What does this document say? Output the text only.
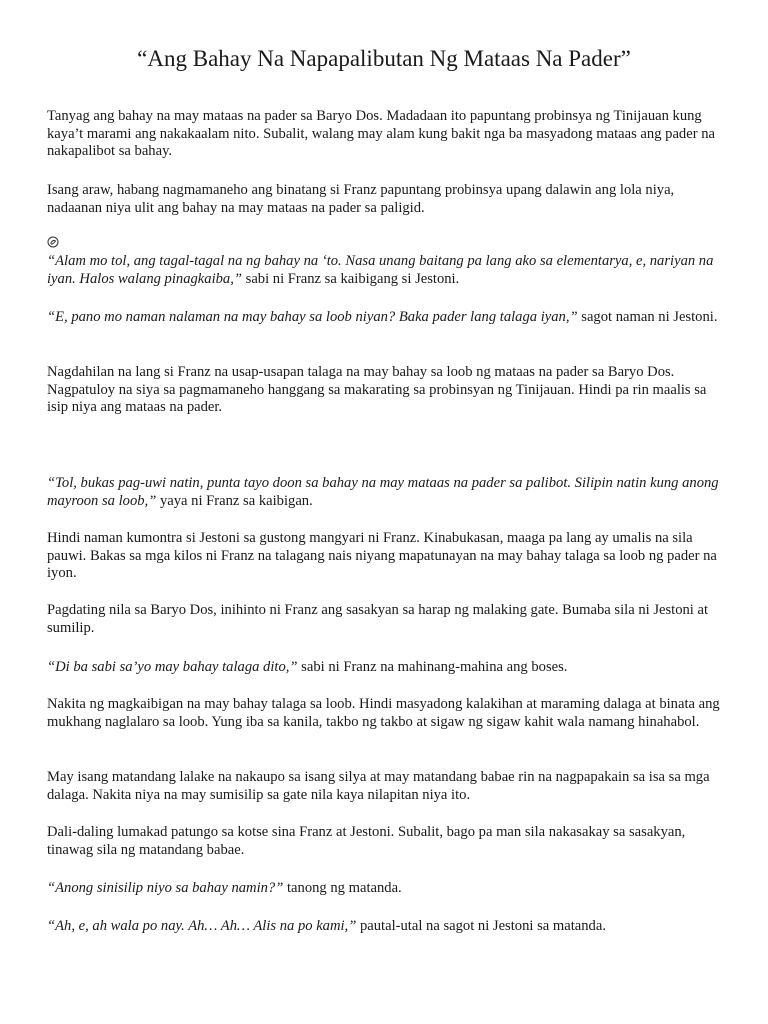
“Ang Bahay Na Napapalibutan Ng Mataas Na Pader”

Tanyag ang bahay na may mataas na pader sa Baryo Dos. Madadaan ito papuntang probinsya ng Tinijauan kung kaya’t marami ang nakakaalam nito. Subalit, walang may alam kung bakit nga ba masyadong mataas ang pader na nakapalibot sa bahay.

Isang araw, habang nagmamaneho ang binatang si Franz papuntang probinsya upang dalawin ang lola niya, nadaanan niya ulit ang bahay na may mataas na pader sa paligid.

“Alam mo tol, ang tagal-tagal na ng bahay na ‘to. Nasa unang baitang pa lang ako sa elementarya, e, nariyan na iyan. Halos walang pinagkaiba,” sabi ni Franz sa kaibigang si Jestoni.

“E, pano mo naman nalaman na may bahay sa loob niyan? Baka pader lang talaga iyan,” sagot naman ni Jestoni.

Nagdahilan na lang si Franz na usap-usapan talaga na may bahay sa loob ng mataas na pader sa Baryo Dos. Nagpatuloy na siya sa pagmamaneho hanggang sa makarating sa probinsyan ng Tinijauan. Hindi pa rin maalis sa isip niya ang mataas na pader.

“Tol, bukas pag-uwi natin, punta tayo doon sa bahay na may mataas na pader sa palibot. Silipin natin kung anong mayroon sa loob,” yaya ni Franz sa kaibigan.

Hindi naman kumontra si Jestoni sa gustong mangyari ni Franz. Kinabukasan, maaga pa lang ay umalis na sila pauwi. Bakas sa mga kilos ni Franz na talagang nais niyang mapatunayan na may bahay talaga sa loob ng pader na iyon.

Pagdating nila sa Baryo Dos, inihinto ni Franz ang sasakyan sa harap ng malaking gate. Bumaba sila ni Jestoni at sumilip.

“Di ba sabi sa’yo may bahay talaga dito,” sabi ni Franz na mahinang-mahina ang boses.

Nakita ng magkaibigan na may bahay talaga sa loob. Hindi masyadong kalakihan at maraming dalaga at binata ang mukhang naglalaro sa loob. Yung iba sa kanila, takbo ng takbo at sigaw ng sigaw kahit wala namang hinahabol.

May isang matandang lalake na nakaupo sa isang silya at may matandang babae rin na nagpapakain sa isa sa mga dalaga. Nakita niya na may sumisilip sa gate nila kaya nilapitan niya ito.

Dali-daling lumakad patungo sa kotse sina Franz at Jestoni. Subalit, bago pa man sila nakasakay sa sasakyan, tinawag sila ng matandang babae.

“Anong sinisilip niyo sa bahay namin?” tanong ng matanda.

“Ah, e, ah wala po nay. Ah… Ah… Alis na po kami,” pautal-utal na sagot ni Jestoni sa matanda.
